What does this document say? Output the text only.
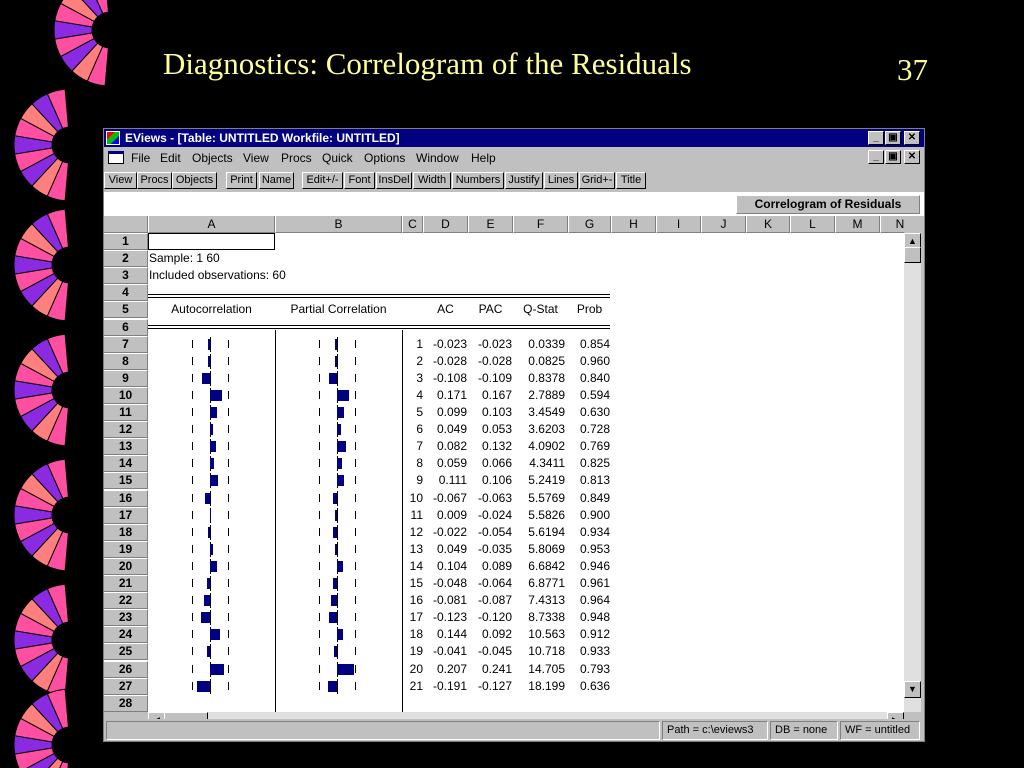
Diagnostics: Correlogram of the Residuals	37
EViews - [Table: UNTITLED Workfile: UNTITLED]	_ ▣	✕
File Edit Objects View Procs Quick Options Window Help	_ ▣	✕
View Procs Objects	Print Name	Edit+/- Font InsDel Width Numbers Justify Lines Grid+- Title
Correlogram of Residuals
A	B	C	D	E	F	G	H	I	J	K	L	M	N
1
2
3
4
5
6
7
8
9
10
11
12
13
14
15
16
17
18
19
20
21
22
23
24
25
26
27
28
Sample: 1 60
Included observations: 60
Autocorrelation	Partial Correlation	AC	PAC	Q-Stat	Prob
1 -0.023 -0.023	0.0339	0.854
2 -0.028 -0.028	0.0825	0.960
3 -0.108 -0.109	0.8378	0.840
4	0.171	0.167	2.7889	0.594
5	0.099	0.103	3.4549	0.630
6	0.049	0.053	3.6203	0.728
7	0.082	0.132	4.0902	0.769
8	0.059	0.066	4.3411	0.825
9	0.111	0.106	5.2419	0.813
10 -0.067 -0.063	5.5769	0.849
11	0.009 -0.024	5.5826	0.900
12 -0.022 -0.054	5.6194	0.934
13	0.049 -0.035	5.8069	0.953
14	0.104	0.089	6.6842	0.946
15 -0.048 -0.064	6.8771	0.961
16 -0.081 -0.087	7.4313	0.964
17 -0.123 -0.120	8.7338	0.948
18	0.144	0.092	10.563	0.912
19 -0.041 -0.045	10.718	0.933
20	0.207	0.241	14.705	0.793
21 -0.191 -0.127	18.199	0.636
▲
▼
Path = c:\eviews3	DB = none	WF = untitled
